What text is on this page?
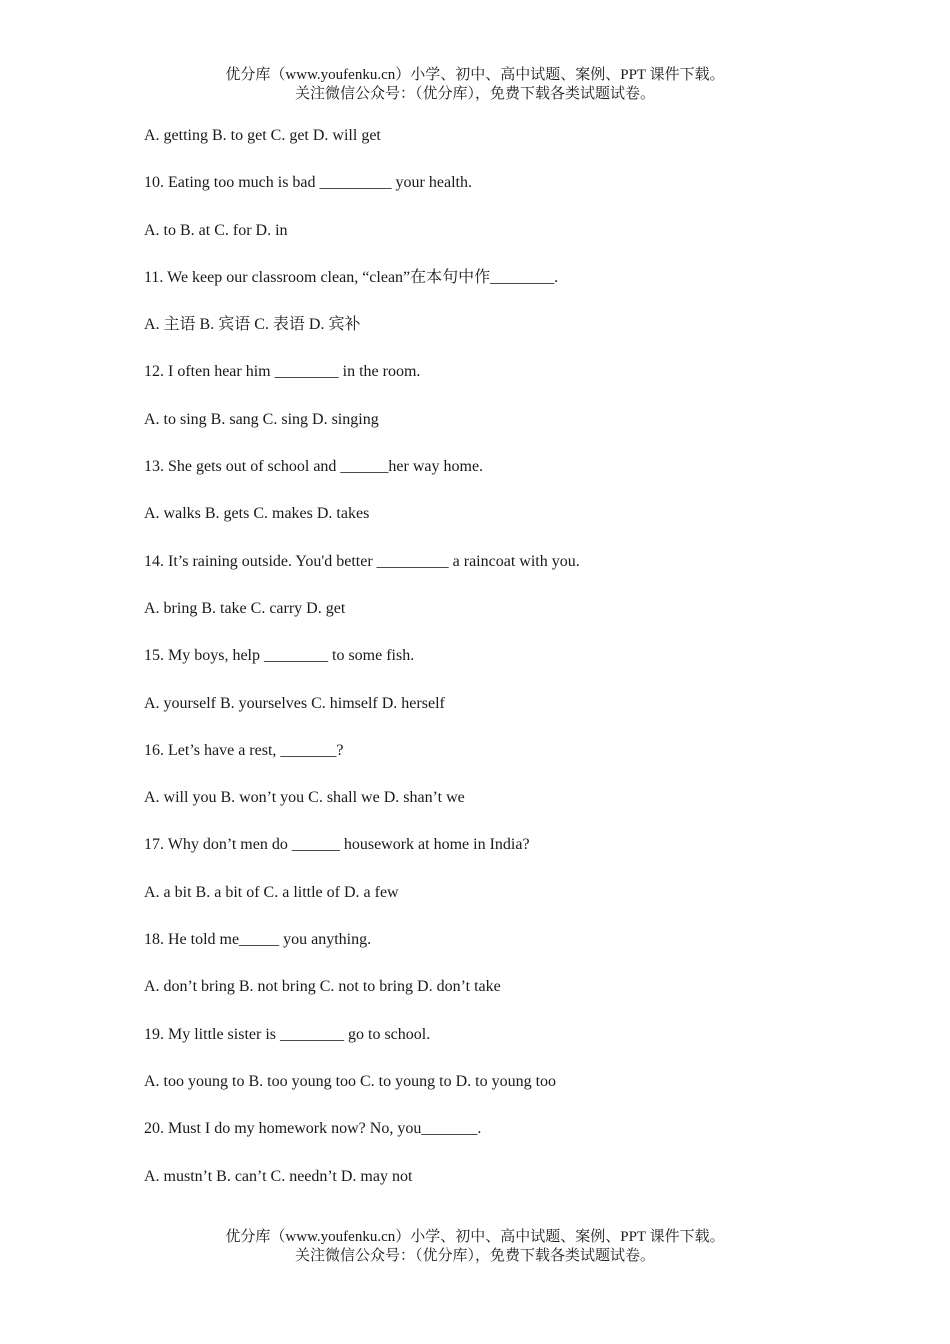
优分库（www.youfenku.cn）小学、初中、高中试题、案例、PPT 课件下载。
关注微信公众号：（优分库），免费下载各类试题试卷。
A. getting B. to get C. get D. will get
10. Eating too much is bad _________ your health.
A. to B. at C. for D. in
11. We keep our classroom clean, “clean”在本句中作________.
A. 主语 B. 宾语 C. 表语 D. 宾补
12. I often hear him ________ in the room.
A. to sing B. sang C. sing D. singing
13. She gets out of school and ______her way home.
A. walks B. gets C. makes D. takes
14. It’s raining outside. You'd better _________ a raincoat with you.
A. bring B. take C. carry D. get
15. My boys, help ________ to some fish.
A. yourself B. yourselves C. himself D. herself
16. Let’s have a rest, _______?
A. will you B. won’t you C. shall we D. shan’t we
17. Why don’t men do ______ housework at home in India?
A. a bit B. a bit of C. a little of D. a few
18. He told me_____ you anything.
A. don’t bring B. not bring C. not to bring D. don’t take
19. My little sister is ________ go to school.
A. too young to B. too young too C. to young to D. to young too
20. Must I do my homework now? No, you_______.
A. mustn’t B. can’t C. needn’t D. may not
优分库（www.youfenku.cn）小学、初中、高中试题、案例、PPT 课件下载。
关注微信公众号：（优分库），免费下载各类试题试卷。
